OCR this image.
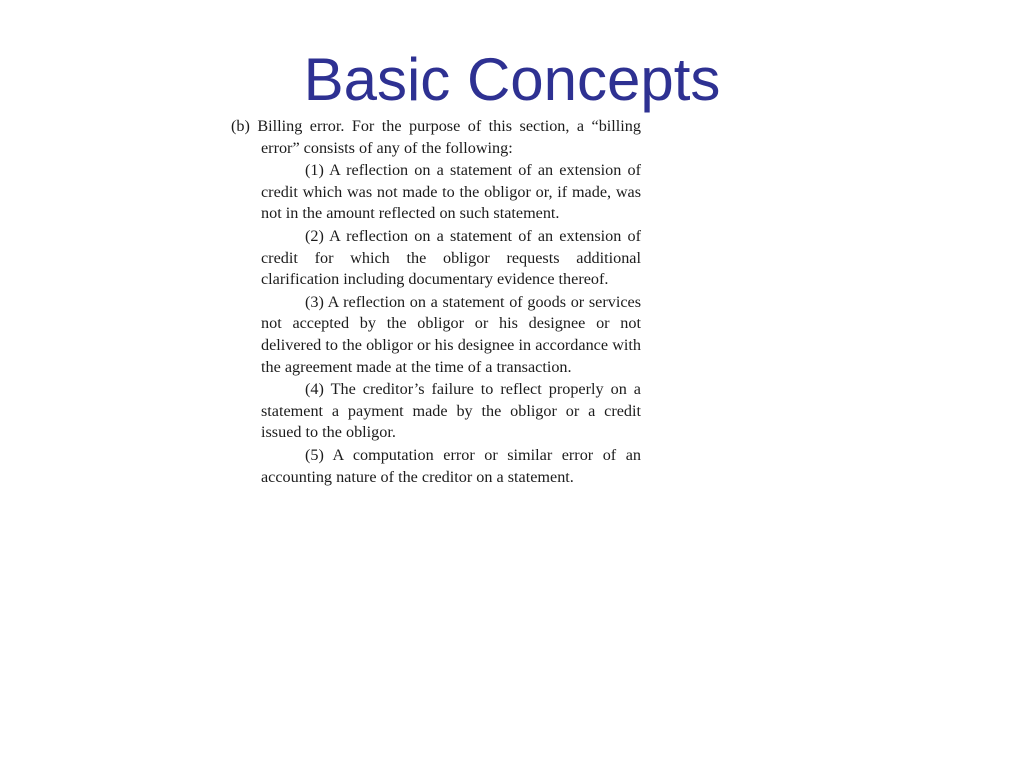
Basic Concepts

(b) Billing error. For the purpose of this section, a “billing error” consists of any of the following:

(1) A reflection on a statement of an extension of credit which was not made to the obligor or, if made, was not in the amount reflected on such statement.

(2) A reflection on a statement of an extension of credit for which the obligor requests additional clarification including documentary evidence thereof.

(3) A reflection on a statement of goods or services not accepted by the obligor or his designee or not delivered to the obligor or his designee in accordance with the agreement made at the time of a transaction.

(4) The creditor’s failure to reflect properly on a statement a payment made by the obligor or a credit issued to the obligor.

(5) A computation error or similar error of an accounting nature of the creditor on a statement.
